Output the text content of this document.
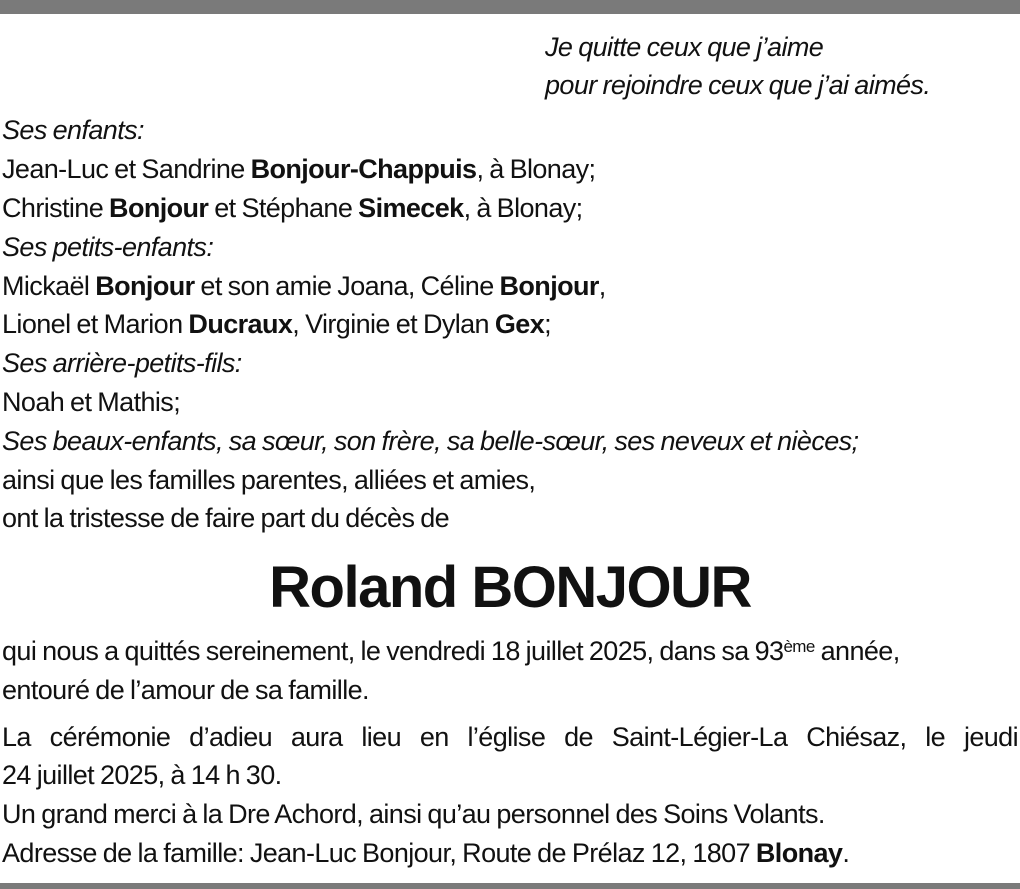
Je quitte ceux que j’aime
pour rejoindre ceux que j’ai aimés.
Ses enfants:
Jean-Luc et Sandrine Bonjour-Chappuis, à Blonay;
Christine Bonjour et Stéphane Simecek, à Blonay;
Ses petits-enfants:
Mickaël Bonjour et son amie Joana, Céline Bonjour,
Lionel et Marion Ducraux, Virginie et Dylan Gex;
Ses arrière-petits-fils:
Noah et Mathis;
Ses beaux-enfants, sa sœur, son frère, sa belle-sœur, ses neveux et nièces;
ainsi que les familles parentes, alliées et amies,
ont la tristesse de faire part du décès de
qui nous a quittés sereinement, le vendredi 18 juillet 2025, dans sa 93ème année,
entouré de l’amour de sa famille.
La cérémonie d’adieu aura lieu en l’église de Saint-Légier-La Chiésaz, le jeudi
24 juillet 2025, à 14 h 30.
Un grand merci à la Dre Achord, ainsi qu’au personnel des Soins Volants.
Adresse de la famille: Jean-Luc Bonjour, Route de Prélaz 12, 1807 Blonay.
Roland BONJOUR
